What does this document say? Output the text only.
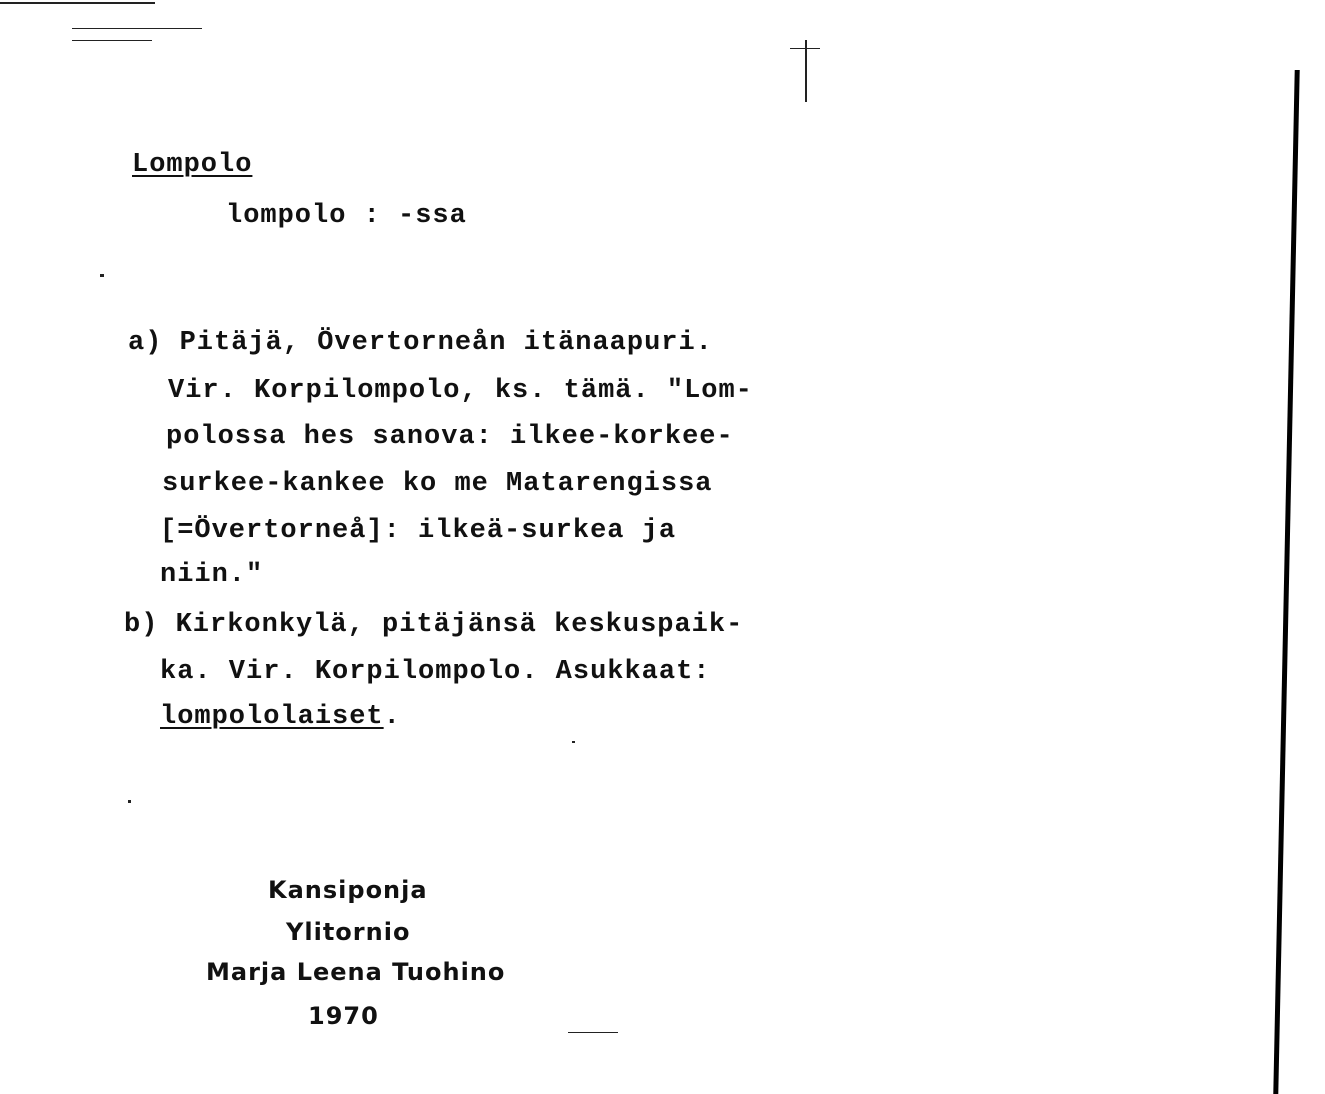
Lompolo
lompolo : -ssa
a) Pitäjä, Övertorneån itänaapuri.
Vir. Korpilompolo, ks. tämä. "Lom-
polossa hes sanova: ilkee-korkee-
surkee-kankee ko me Matarengissa
[=Övertorneå]: ilkeä-surkea ja
niin."
b) Kirkonkylä, pitäjänsä keskuspaik-
ka. Vir. Korpilompolo. Asukkaat:
lompololaiset.
Kansiponja
Ylitornio
Marja Leena Tuohino
1970
